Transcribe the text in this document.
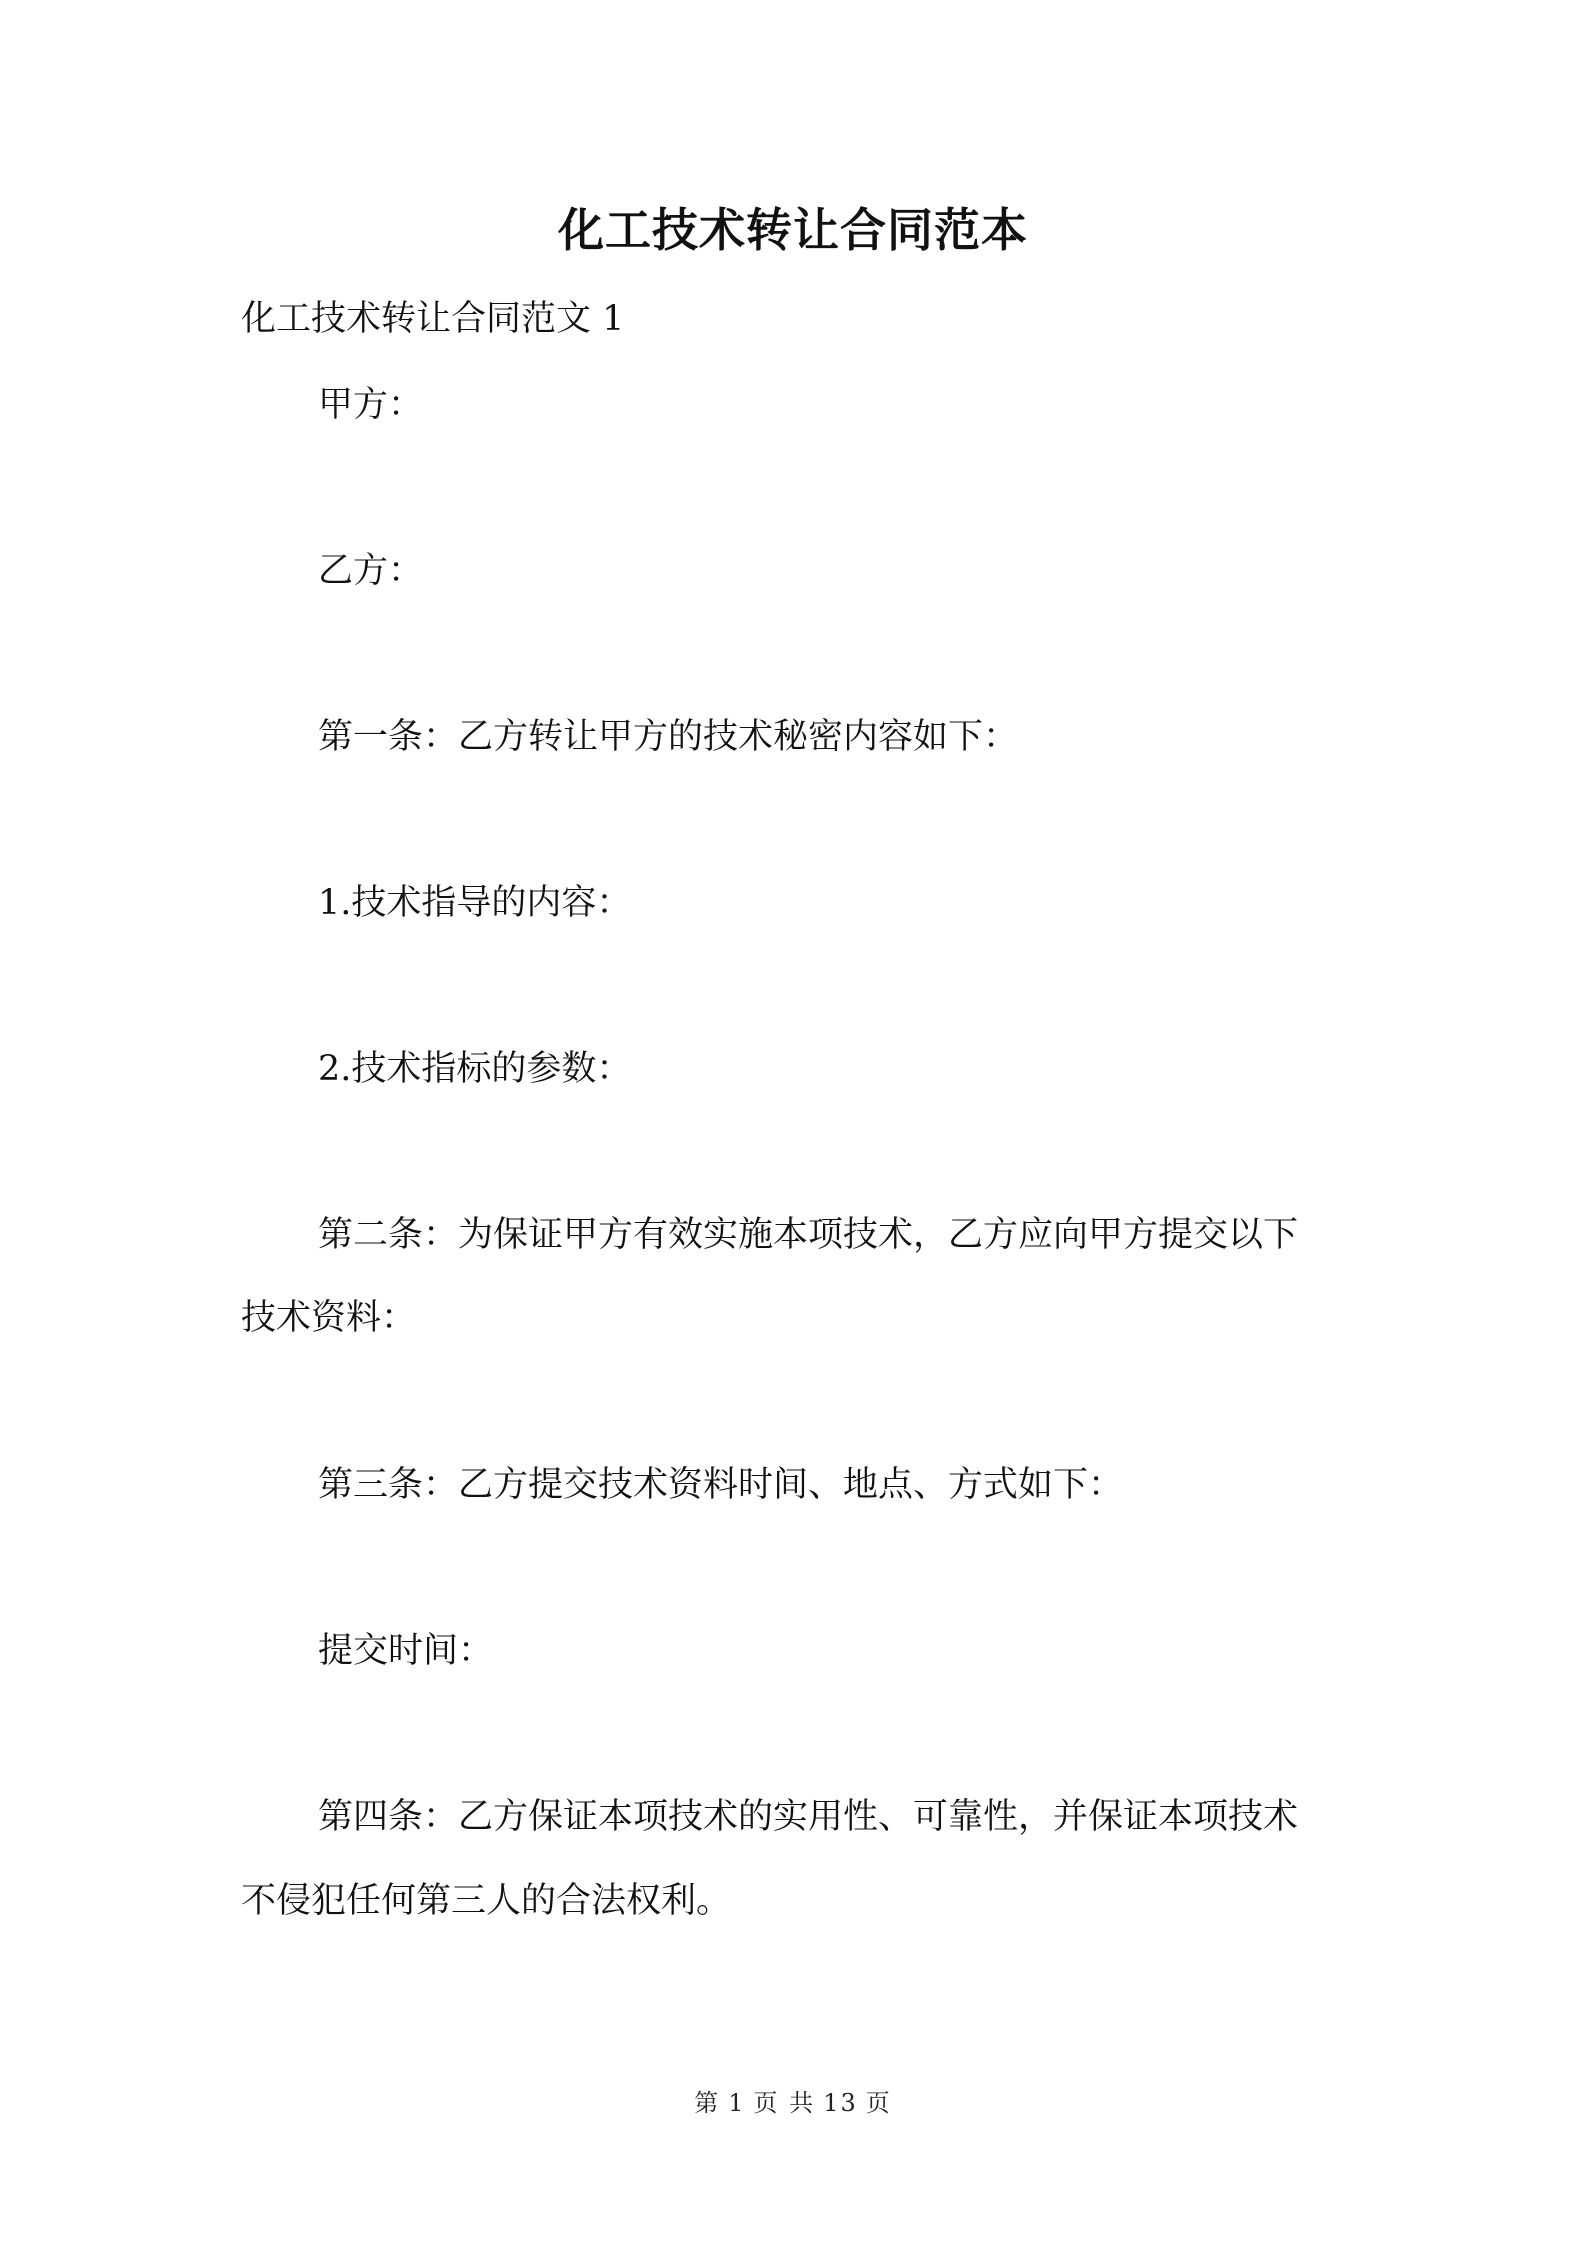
化工技术转让合同范本

化工技术转让合同范文 1

甲方：

乙方：

第一条：乙方转让甲方的技术秘密内容如下：

1.技术指导的内容：

2.技术指标的参数：

第二条：为保证甲方有效实施本项技术，乙方应向甲方提交以下

技术资料：

第三条：乙方提交技术资料时间、地点、方式如下：

提交时间：

第四条：乙方保证本项技术的实用性、可靠性，并保证本项技术

不侵犯任何第三人的合法权利。

第 1 页 共 13 页
